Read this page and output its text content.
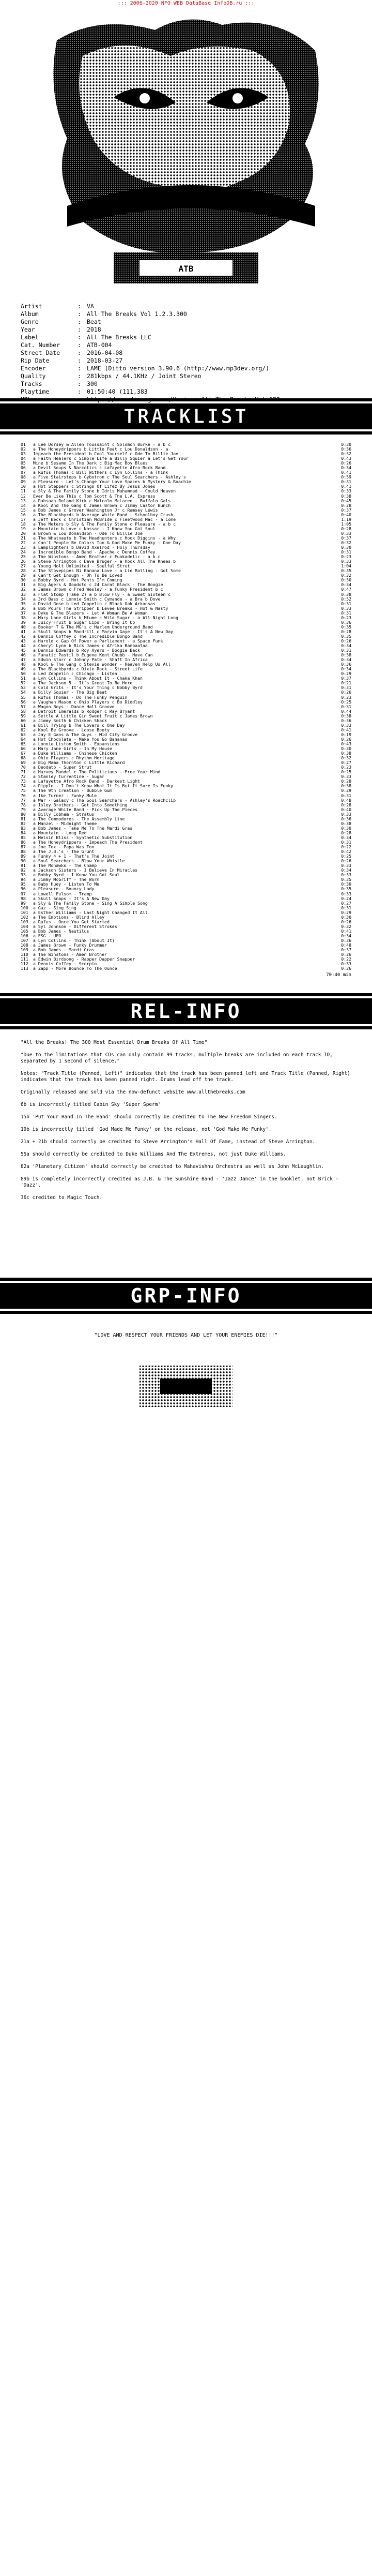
::: 2006-2020 NFO WEB DataBase InfoDB.ru :::
ATB
Artist	: VA
Album	: All The Breaks Vol 1.2.3.300
Genre	: Beat
Year	: 2018
Label	: All The Breaks LLC
Cat. Number	: ATB-004
Street Date	: 2016-04-08
Rip Date	: 2018-03-27
Encoder	: LAME (Ditto version 3.90.6 (http://www.mp3dev.org/)
Quality	: 281kbps / 44.1KHz / Joint Stereo
Tracks	: 300
Playtime	: 01:50:40 (111,383
TRACKLIST
01	a Lee Dorsey & Allen Toussaint c Solomon Burke - a b c	0:30
02	a The Honeydrippers b Little Feat c Lou Donaldson - a	0:36
03	Impeach the President b Cool Yourself c Ode To Billie Joe	0:32
04	a Faith Healers c Simple Life a Billy Squier a Let's Get Your	0:43
05	Mine b Sesame In The Dark c Big Mac Boy Blues	0:26
06	a Devil Soups & Narcotics c Lafayette Afro-Rock Band	0:34
07	a Rufus Thomas c Bill Withers c Lyn Collins - a Think	0:41
08	a Five Stairsteps b Cybotron c The Soul Searchers - Ashley's	0:59
09	a Pleasure - Let's Change Your Love Spaces b Mystery & Roachie	0:31
10	a Hot Steppers c Strings Of Lifez By Jesus Jones	0:41
11	a Sly & The Family Stone b Idris Muhammad - Could Heaven	0:33
12	Ever Be Like This c Tom Scott & The L.A. Express	0:38
13	a Rahsaan Roland Kirk c Malcolm McLaren - Buffalo Gals	0:45
14	a Kool And The Gang b James Brown c Jimmy Castor Bunch	0:28
15	a Bob James c Grover Washington Jr c Ramsey Lewis	0:37
16	a The Blackbyrds b Average White Band - Schoolboy Crush	0:40
17	a Jeff Beck c Christian McBride c Fleetwood Mac - a Come	1:19
18	a The Meters b Sly & The Family Stone c Pleasure - a b c	1:05
19	a Mountain b Love c Nassar - I Know You Got Soul	0:28
20	a Brown & Lou Donaldson - Ode To Billie Joe	0:33
21	a The Whatnauts b The Headhunters c Hook Diggins - a Why	0:37
22	a Can't People Be Colors Too & God Make Me Funky - One Day	0:32
23	a Lamplighters b David Axelrod - Holy Thursday	0:30
24	a Incredible Bongo Band - Apache c Dennis Coffey	0:31
25	a The Winstons - Amen Brother c Funkadelic - a b c	0:23
26	a Steve Arrington c Dave Bruger - a Hook All The Knees b	0:33
27	a Young Holt Unlimited - Soulful Strut	1:04
28	a The Stovepipes Ni Banana Love - a Lie Rolling - Got Some	0:35
29	a Can't Get Enough - Oh To Be Loved	0:32
30	a Bobby Byrd - Hot Pants I'm Coming	0:30
31	a Big Agers & Doodoto c 24 Carat Black - The Boogie	0:34
32	a James Brown c Fred Wesley - a Funky President b c	0:47
33	a Flat Stomp (Take 2) a b Blow Fly - a Sweet Sixteen c	0:38
34	a 3rd Bass c Lonnie Smith c Cymande - a Bra b Dove	0:52
35	a David Rose b Led Zeppelin c Black Oak Arkansas	0:31
36	a Bob Pours The Stripper b Levee Breaks - Hot & Nasty	0:33
37	a Dyke & The Blazers - Let A Woman Be A Woman	0:31
38	a Mary Lane Girls b Mtume c Wild Sugar - a All Night Long	0:23
39	a Juicy Fruit b Sugar Lips - Bring It Up	0:36
40	a Booker T & The MG's c Harlem Underground Band	0:35
41	a Skull Snaps b Mandrill c Marvin Gaye - It's A New Day	0:28
42	a Dennis Coffey c The Incredible Bongo Band	0:35
43	a Harold c Gap Of Power a Parliament - a Space Funk	0:26
44	a Cheryl Lynn b Rick James c Afrika Bambaataa	0:34
45	a Dennis Edwards b Roy Ayers - Boogie Back	0:31
46	a Fanatic Pastil b Eugene Kent Chubb - Have Can	0:38
47	a Edwin Starr c Johnny Pate - Shaft In Africa	0:34
48	a Kool & The Gang c Stevie Wonder - Heaven Help Us All	0:36
49	a The Blackbyrds c Dixie Rock - Street Life	0:34
50	a Led Zeppelin c Chicago - Listen	0:29
51	a Lyn Collins - Think About It - Chaka Khan	0:37
52	a The Jackson 5 - It's Great To Be Here	0:21
53	a Cold Grits - It's Your Thing c Bobby Byrd	0:31
54	a Billy Squier - The Big Beat	0:26
55	a Rufus Thomas - Do The Funky Penguin	0:23
56	a Vaughan Mason c Ohio Players c Bo Diddley	0:25
57	a Wagon Boys - Dance Hall Groove	0:31
58	a Detroit Emeralds b Rodger c Ray Bryant	0:44
59	a Settle A Little Gin Sweet Fruit c James Brown	0:38
60	a Jimmy Smith b Chicken Shack	0:36
61	a Bill Trying b The Lovers c One Day	0:33
62	a Kool Be Groove - Loose Booty	0:41
63	a Jay E Gans & The Guys - Mid City Groove	0:19
64	a Hot Chocolate - Make You Go Bananas	0:26
65	a Lonnie Liston Smith - Expansions	0:43
66	a Mary Jane Girls - In My House	0:30
67	a Duke Williams - Chinese Chicken	0:38
68	a Ohio Players c Rhythm Heritage	0:32
69	a Big Mama Thornton c Little Richard	0:27
70	a Deodato - Super Strut	0:23
71	a Harvey Mandel c The Politicians - Free Your Mind	0:25
72	a Stanley Turrentine - Sugar	0:33
73	a Lafayette Afro Rock Band - Darkest Light	0:28
74	a Ripple - I Don't Know What It Is But It Sure Is Funky	0:38
75	a The 9th Creation - Bubble Gum	0:29
76	a Ike Turner - Funky Mule	0:31
77	a War - Galaxy c The Soul Searchers - Ashley's Roachclip	0:48
78	a Isley Brothers - Get Into Something	0:28
79	a Average White Band - Pick Up The Pieces	0:40
80	a Billy Cobham - Stratus	0:33
81	a The Commodores - The Assembly Line	0:36
82	a Manzel - Midnight Theme	0:38
83	a Bob James - Take Me To The Mardi Gras	0:30
84	a Mountain - Long Red	0:28
85	a Melvin Bliss - Synthetic Substitution	0:34
86	a The Honeydrippers - Impeach The President	0:31
87	a Joe Tex - Papa Was Too	0:22
88	a The J.B.'s - The Grunt	0:42
89	a Funky 4 + 1 - That's The Joint	0:25
90	a Soul Searchers - Blow Your Whistle	0:26
91	a The Mohawks - The Champ	0:33
92	a Jackson Sisters - I Believe In Miracles	0:34
93	a Bobby Byrd - I Know You Got Soul	0:33
94	a Jimmy McGriff - The Worm	0:35
95	a Baby Huey - Listen To Me	0:30
96	a Pleasure - Bouncy Lady	0:35
97	a Lowell Fulsom - Tramp	0:33
98	a Skull Snaps - It's A New Day	0:24
99	a Sly & The Family Stone - Sing A Simple Song	0:27
100	a Gaz - Sing Sing	0:31
101	a Esther Williams - Last Night Changed It All	0:29
102	a The Emotions - Blind Alley	0:30
103	a Rufus - Once You Get Started	0:26
104	a Syl Johnson - Different Strokes	0:32
105	a Bob James - Nautilus	0:41
106	a ESG - UFO	0:34
107	a Lyn Collins - Think (About It)	0:36
108	a James Brown - Funky Drummer	0:48
109	a Bob James - Mardi Gras	0:37
110	a The Winstons - Amen Brother	0:26
111	a Edwin Birdsong - Rapper Dapper Snapper	0:22
112	a Dennis Coffey - Scorpio	0:33
113	a Zapp - More Bounce To The Ounce	0:26
70:40 min
REL-INFO

"All the Breaks! The 300 Most Essential Drum Breaks Of All Time"

"Due to the limitations that CDs can only contain 99 tracks, multiple breaks are included on each track ID, separated by 1 second of silence."

Notes: "Track Title (Panned, Left)" indicates that the track has been panned left and Track Title (Panned, Right) indicates that the track has been panned right. Drums lead off the track.

Originally released and sold via the now-defunct website www.allthebreaks.com

6b is incorrectly titled Cabin Sky 'Super Sperm'

15b 'Put Your Hand In The Hand' should correctly be credited to The New Freedom Singers.

19b is incorrectly titled 'God Made Me Funky' on the release, not 'God Make Me Funky'.

21a + 21b should correctly be credited to Steve Arrington's Hall Of Fame, instead of Steve Arrington.

55a should correctly be credited to Duke Williams And The Extremes, not just Duke Williams.

82a 'Planetary Citizen' should correctly be credited to Mahavishnu Orchestra as well as John McLaughlin.

89b is completely incorrectly credited as J.B. & The Sunshine Band - 'Jazz Dance' in the booklet, not Brick - 'Dazz'.

36c credited to Magic Touch.

GRP-INFO
"LOVE AND RESPECT YOUR FRIENDS AND LET YOUR ENEMIES DIE!!!"
